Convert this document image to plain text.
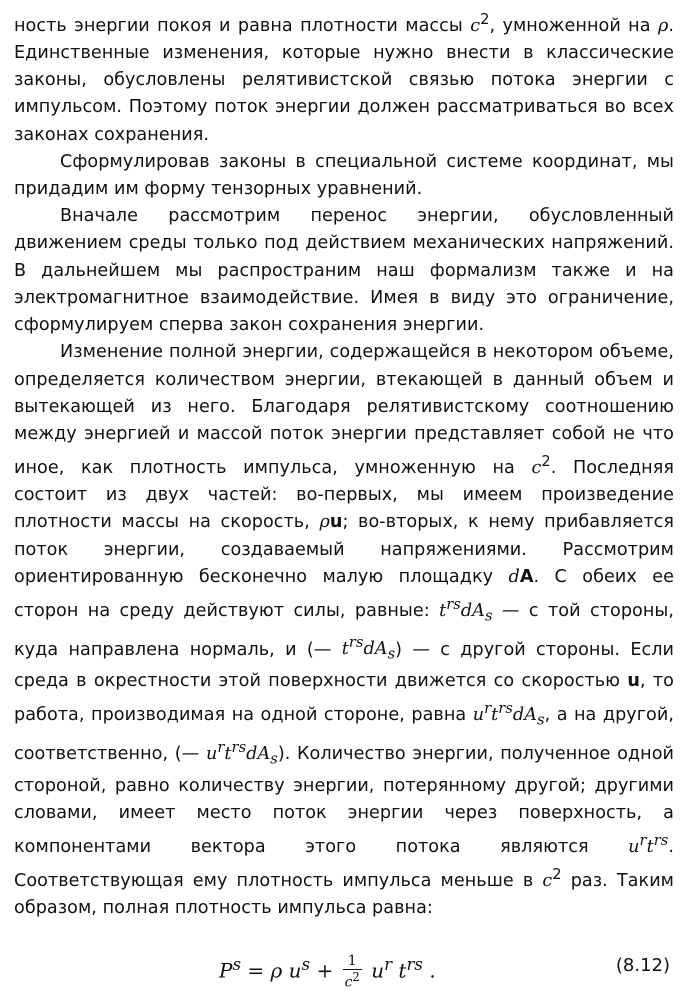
ность энергии покоя и равна плотности массы $c^2$, умноженной на ρ. Единственные изменения, которые нужно внести в классические законы, обусловлены релятивистской связью потока энергии с импульсом. Поэтому поток энергии должен рассматриваться во всех законах сохранения.

Сформулировав законы в специальной системе координат, мы придадим им форму тензорных уравнений.

Вначале рассмотрим перенос энергии, обусловленный движением среды только под действием механических напряжений. В дальнейшем мы распространим наш формализм также и на электромагнитное взаимодействие. Имея в виду это ограничение, сформулируем сперва закон сохранения энергии.

Изменение полной энергии, содержащейся в некотором объеме, определяется количеством энергии, втекающей в данный объем и вытекающей из него. Благодаря релятивистскому соотношению между энергией и массой поток энергии представляет собой не что иное, как плотность импульса, умноженную на $c^2$. Последняя состоит из двух частей: во-первых, мы имеем произведение плотности массы на скорость, ρu; во-вторых, к нему прибавляется поток энергии, создаваемый напряжениями. Рассмотрим ориентированную бесконечно малую площадку dA. С обеих ее сторон на среду действуют силы, равные: $t^{rs}dA_s$ — с той стороны, куда направлена нормаль, и (— $t^{rs}dA_s$) — с другой стороны. Если среда в окрестности этой поверхности движется со скоростью u, то работа, производимая на одной стороне, равна $u^rt^{rs}dA_s$, а на другой, соответственно, (— $u^rt^{rs}dA_s$). Количество энергии, полученное одной стороной, равно количеству энергии, потерянному другой; другими словами, имеет место поток энергии через поверхность, а компонентами вектора этого потока являются $u^rt^{rs}$. Соответствующая ему плотность импульса меньше в $c^2$ раз. Таким образом, полная плотность импульса равна:

$P^s = \rho$ $u^s + \frac{1}{c^2} u^r$ $t^{rs}$ .	(8.12)
